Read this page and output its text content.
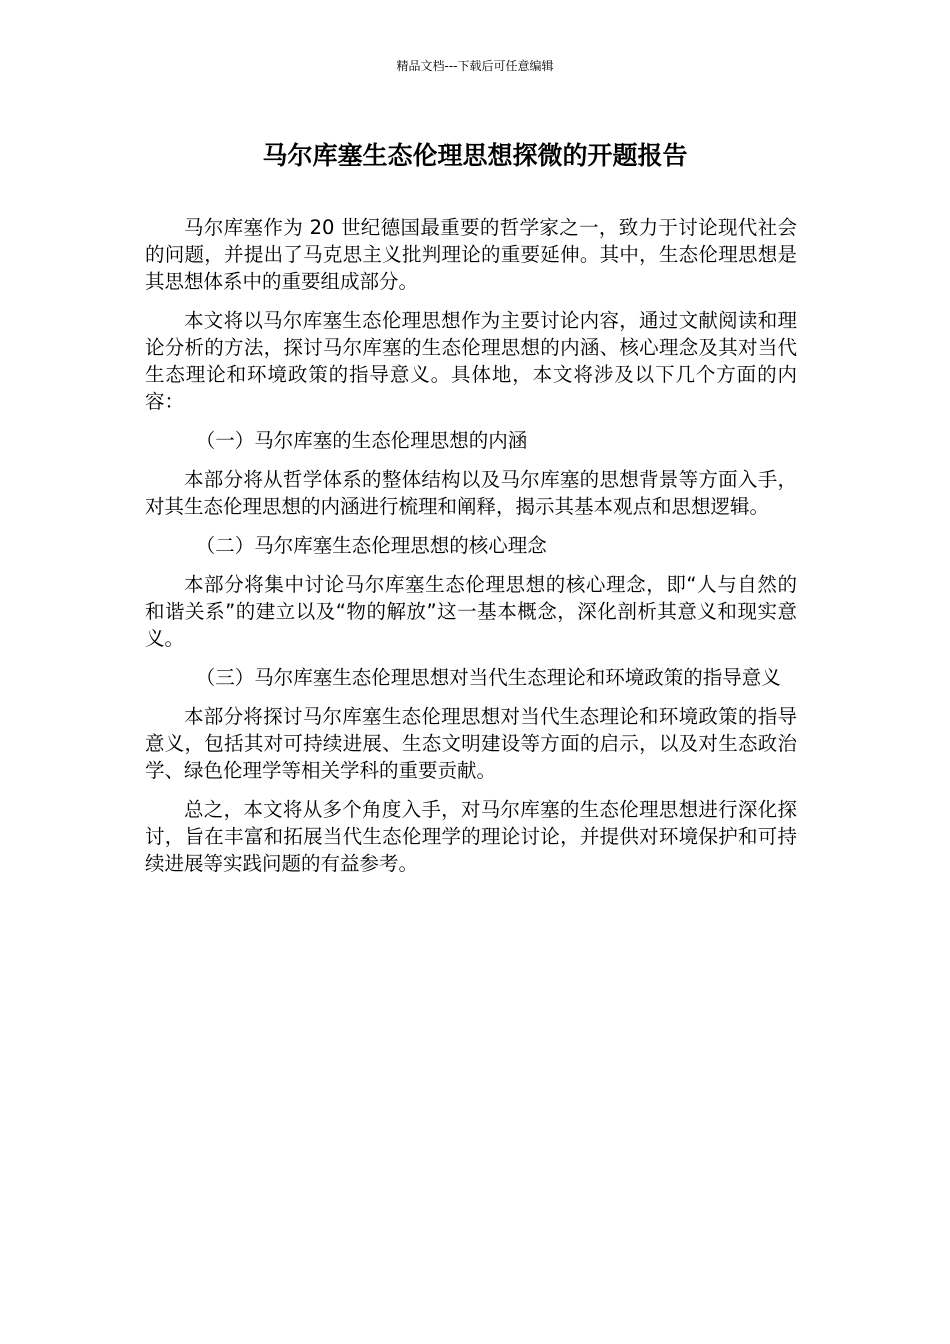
精品文档---下载后可任意编辑
马尔库塞生态伦理思想探微的开题报告

马尔库塞作为 20 世纪德国最重要的哲学家之一，致力于讨论现代社会的问题，并提出了马克思主义批判理论的重要延伸。其中，生态伦理思想是其思想体系中的重要组成部分。

本文将以马尔库塞生态伦理思想作为主要讨论内容，通过文献阅读和理论分析的方法，探讨马尔库塞的生态伦理思想的内涵、核心理念及其对当代生态理论和环境政策的指导意义。具体地，本文将涉及以下几个方面的内容：

（一）马尔库塞的生态伦理思想的内涵

本部分将从哲学体系的整体结构以及马尔库塞的思想背景等方面入手，对其生态伦理思想的内涵进行梳理和阐释，揭示其基本观点和思想逻辑。

（二）马尔库塞生态伦理思想的核心理念

本部分将集中讨论马尔库塞生态伦理思想的核心理念，即“人与自然的和谐关系”的建立以及“物的解放”这一基本概念，深化剖析其意义和现实意义。

（三）马尔库塞生态伦理思想对当代生态理论和环境政策的指导意义

本部分将探讨马尔库塞生态伦理思想对当代生态理论和环境政策的指导意义，包括其对可持续进展、生态文明建设等方面的启示，以及对生态政治学、绿色伦理学等相关学科的重要贡献。

总之，本文将从多个角度入手，对马尔库塞的生态伦理思想进行深化探讨，旨在丰富和拓展当代生态伦理学的理论讨论，并提供对环境保护和可持续进展等实践问题的有益参考。
